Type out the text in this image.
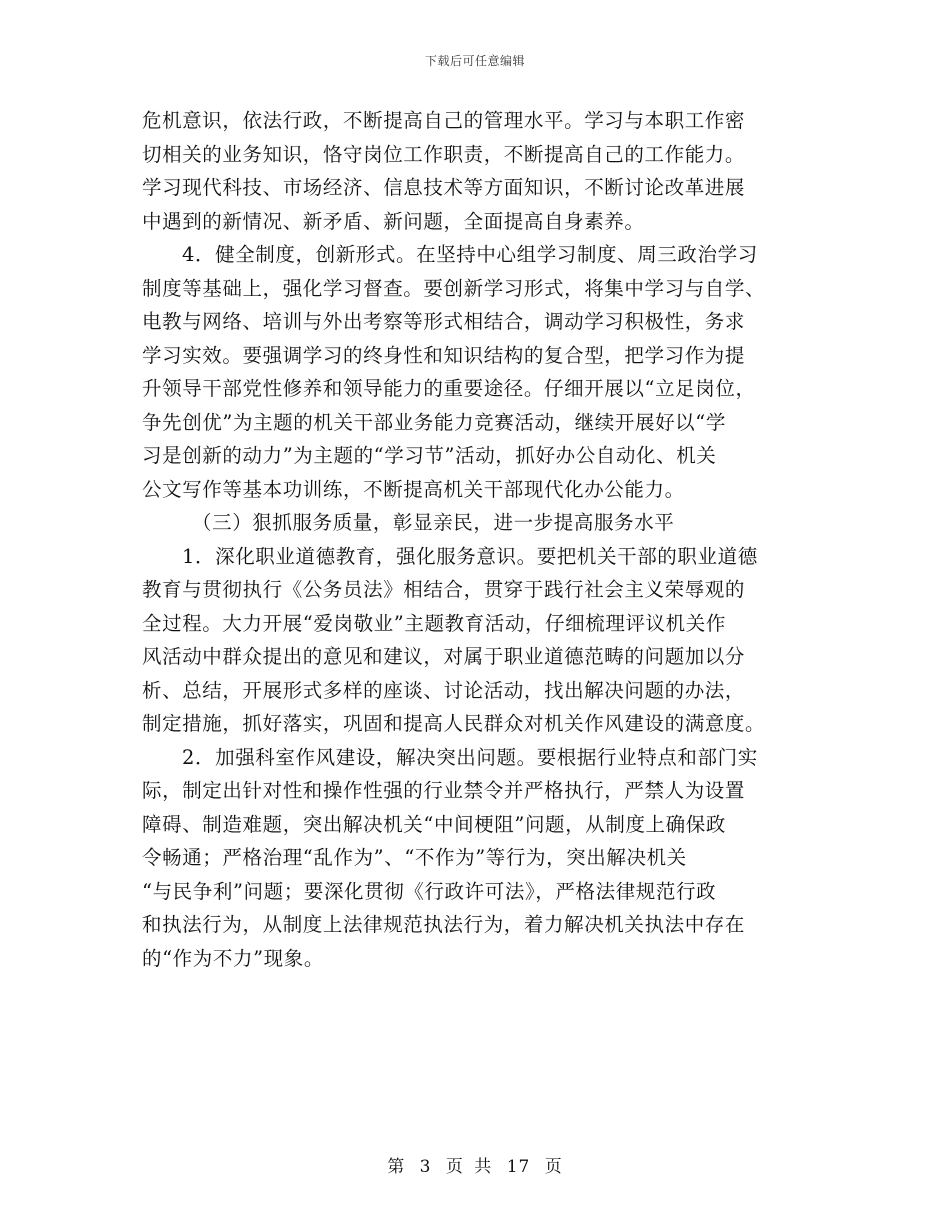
下载后可任意编辑
危机意识，依法行政，不断提高自己的管理水平。学习与本职工作密
切相关的业务知识，恪守岗位工作职责，不断提高自己的工作能力。
学习现代科技、市场经济、信息技术等方面知识，不断讨论改革进展
中遇到的新情况、新矛盾、新问题，全面提高自身素养。
4．健全制度，创新形式。在坚持中心组学习制度、周三政治学习
制度等基础上，强化学习督查。要创新学习形式，将集中学习与自学、
电教与网络、培训与外出考察等形式相结合，调动学习积极性，务求
学习实效。要强调学习的终身性和知识结构的复合型，把学习作为提
升领导干部党性修养和领导能力的重要途径。仔细开展以“立足岗位，
争先创优”为主题的机关干部业务能力竞赛活动，继续开展好以“学
习是创新的动力”为主题的“学习节”活动，抓好办公自动化、机关
公文写作等基本功训练，不断提高机关干部现代化办公能力。
（三）狠抓服务质量，彰显亲民，进一步提高服务水平
1．深化职业道德教育，强化服务意识。要把机关干部的职业道德
教育与贯彻执行《公务员法》相结合，贯穿于践行社会主义荣辱观的
全过程。大力开展“爱岗敬业”主题教育活动，仔细梳理评议机关作
风活动中群众提出的意见和建议，对属于职业道德范畴的问题加以分
析、总结，开展形式多样的座谈、讨论活动，找出解决问题的办法，
制定措施，抓好落实，巩固和提高人民群众对机关作风建设的满意度。
2．加强科室作风建设，解决突出问题。要根据行业特点和部门实
际，制定出针对性和操作性强的行业禁令并严格执行，严禁人为设置
障碍、制造难题，突出解决机关“中间梗阻”问题，从制度上确保政
令畅通；严格治理“乱作为”、“不作为”等行为，突出解决机关
“与民争利”问题；要深化贯彻《行政许可法》，严格法律规范行政
和执法行为，从制度上法律规范执法行为，着力解决机关执法中存在
的“作为不力”现象。
第 3 页 共 17 页
